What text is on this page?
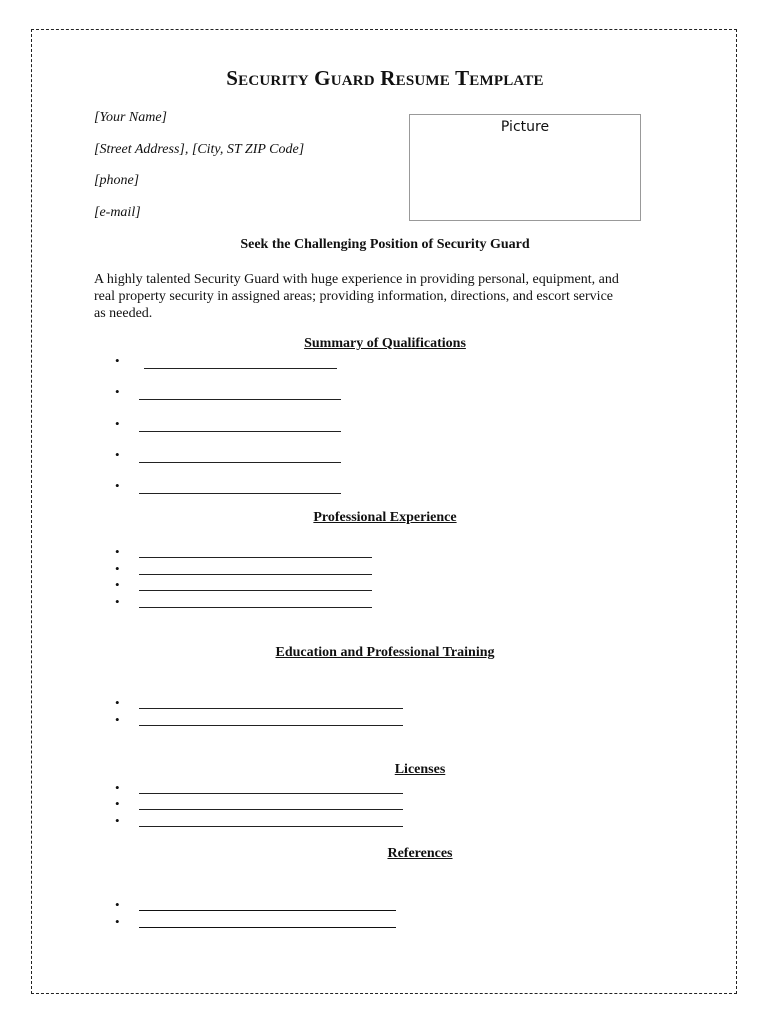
Security Guard Resume Template
[Your Name]
[Street Address], [City, ST ZIP Code]
[phone]
[e-mail]
Picture
Seek the Challenging Position of Security Guard
A highly talented Security Guard with huge experience in providing personal, equipment, and
real property security in assigned areas; providing information, directions, and escort service
as needed.
Summary of Qualifications
•
•
•
•
•
Professional Experience
•
•
•
•
Education and Professional Training
•
•
Licenses
•
•
•
References
•
•
